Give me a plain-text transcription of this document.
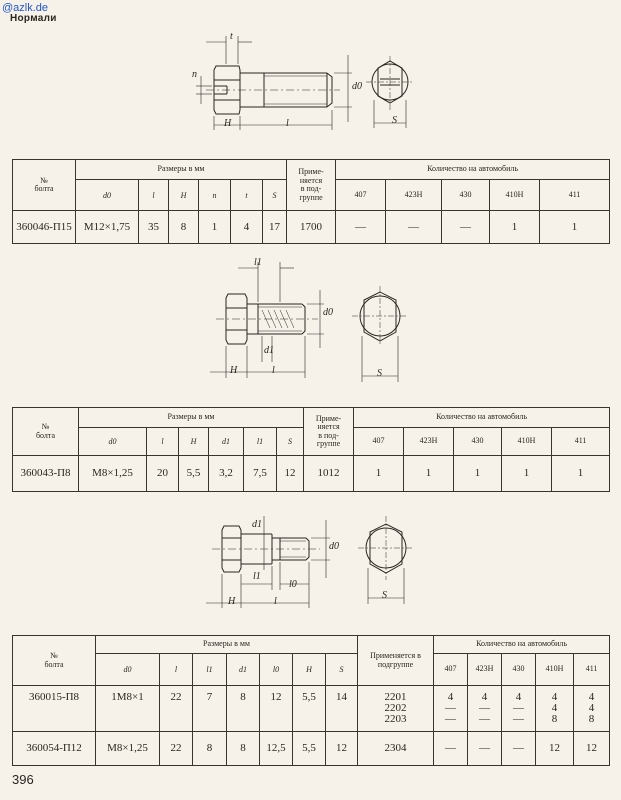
@azlk.de
Нормали
t
n
d0
H	l	S
№
болта	Размеры в мм						Приме-
няется
в под-
группе	Количество на автомобиль				
	d0	l	H	n	t	S		407	423Н	430	410Н	411
360046-П15	М12×1,75	35	8	1	4	17	1700	—	—	—	1	1
l1
d0
d1
H	l	S
№
болта	Размеры в мм						Приме-
няется
в под-
группе	Количество на автомобиль				
	d0	l	H	d1	l1	S		407	423Н	430	410Н	411
360043-П8	М8×1,25	20	5,5	3,2	7,5	12	1012	1	1	1	1	1
d1
d0
l1
l0
H	l
S
№
болта	Размеры в мм							Применяется в подгруппе	Количество на автомобиль				
	d0	l	l1	d1	l0	H	S		407	423Н	430	410Н	411
360015-П8	1М8×1	22	7	8	12	5,5	14	2201
2202
2203	4
—
—	4
—
—	4
—
—	4
4
8	4
4
8

360054-П12	М8×1,25	22	8	8	12,5	5,5	12	2304	—	—	—	12	12
396
